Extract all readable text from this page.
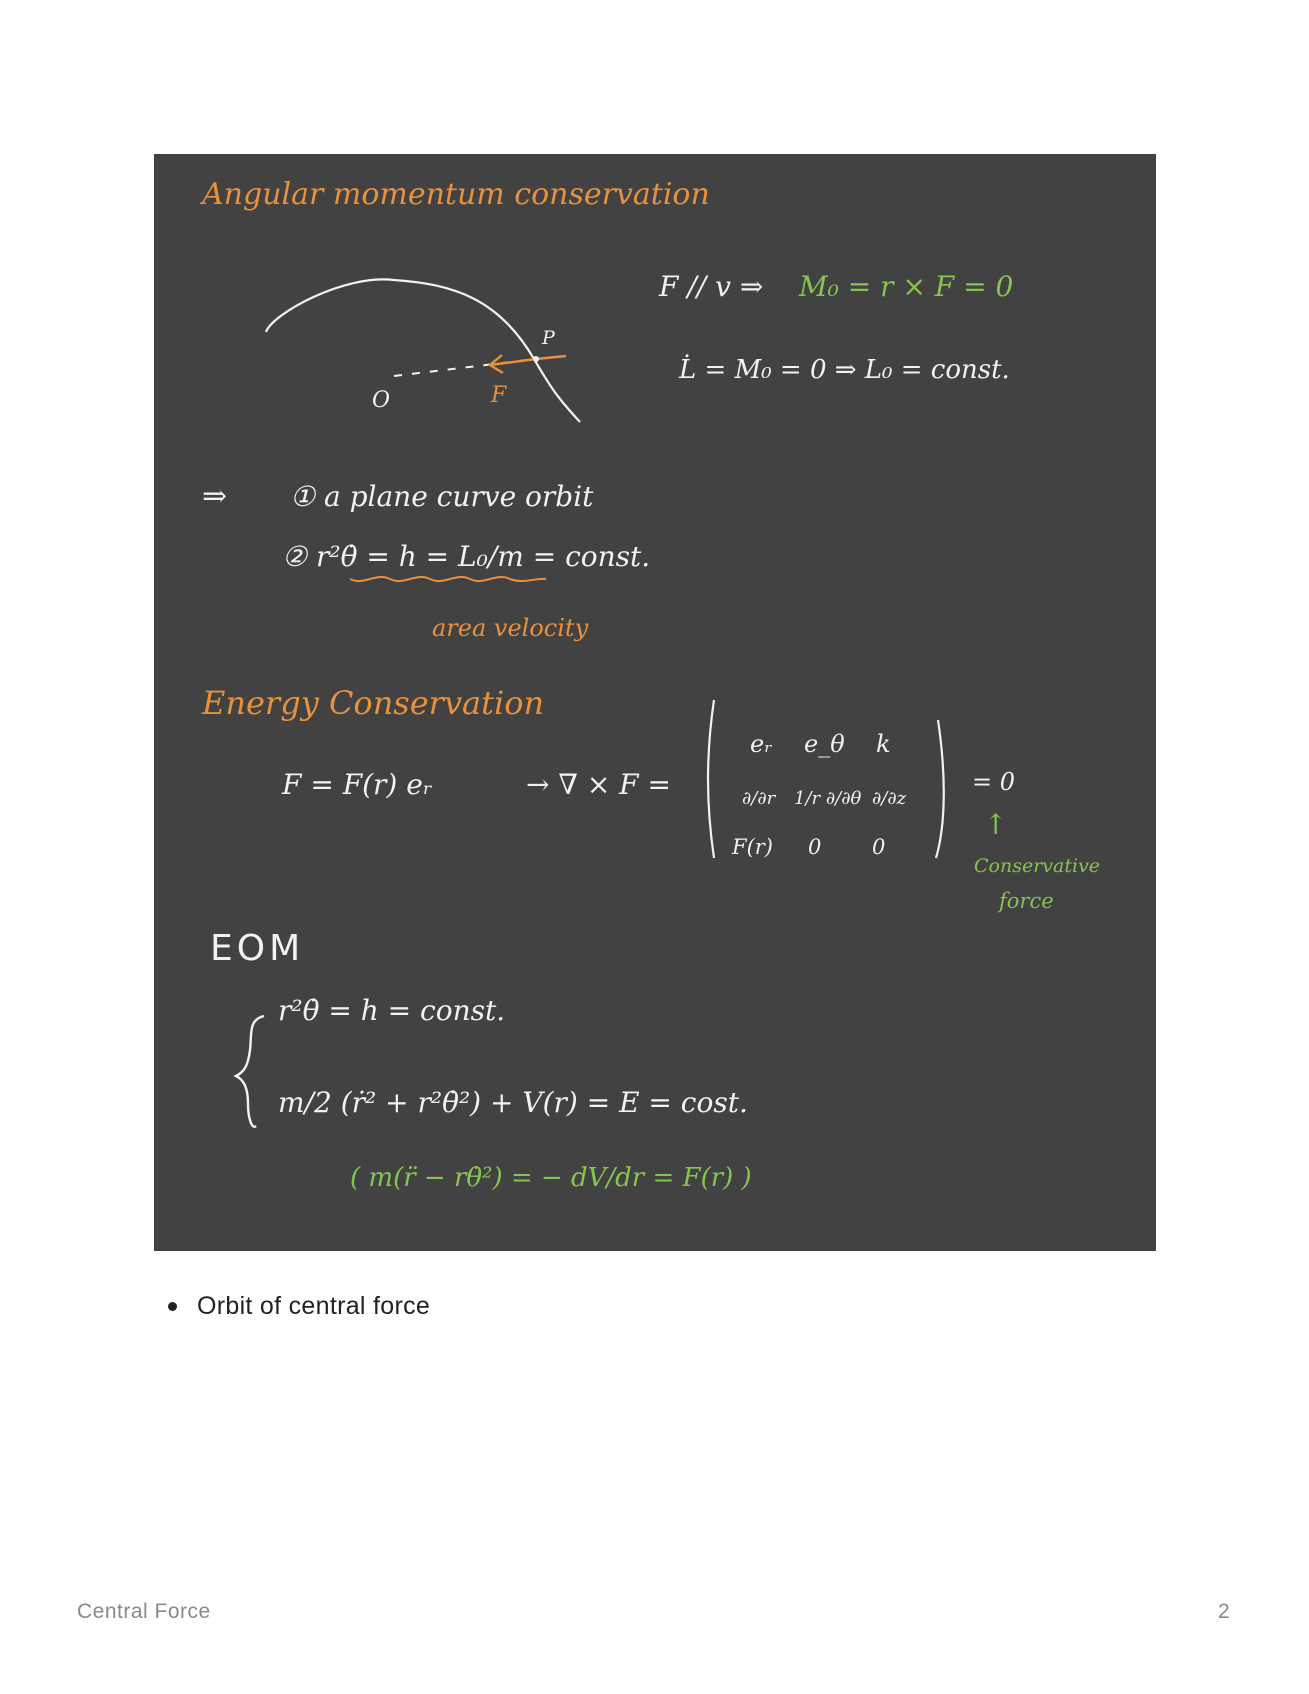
Angular momentum conservation
O
P
F
F // v ⇒ M₀ = r × F = 0
L̇ = M₀ = 0 ⇒ L₀ = const.
⇒ ① a plane curve orbit
② r²θ̇ = h = L₀/m = const.
area velocity
Energy Conservation
F = F(r) eᵣ	→ ∇ × F =
eᵣ e_θ k
∂/∂r 1/r ∂/∂θ ∂/∂z
F(r) 0 0
= 0
↑
Conservative
force
EOM
r²θ̇ = h = const.
m/2 (ṙ² + r²θ̇²) + V(r) = E = cost.
( m(r̈ − rθ̇²) = − dV/dr = F(r) )
Orbit of central force
Central Force	2
